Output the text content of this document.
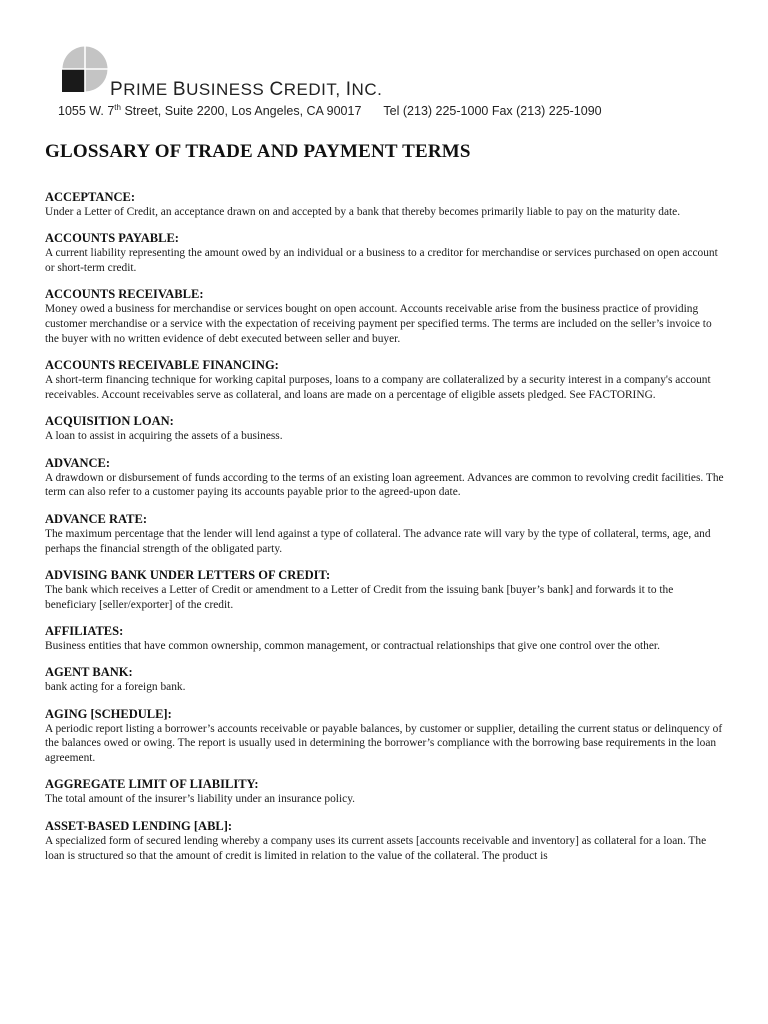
PRIME BUSINESS CREDIT, INC.
1055 W. 7th Street, Suite 2200, Los Angeles, CA 90017 Tel (213) 225-1000 Fax (213) 225-1090
GLOSSARY OF TRADE AND PAYMENT TERMS
ACCEPTANCE:
Under a Letter of Credit, an acceptance drawn on and accepted by a bank that thereby becomes primarily liable to pay on the maturity date.
ACCOUNTS PAYABLE:
A current liability representing the amount owed by an individual or a business to a creditor for merchandise or services purchased on open account or short-term credit.
ACCOUNTS RECEIVABLE:
Money owed a business for merchandise or services bought on open account. Accounts receivable arise from the business practice of providing customer merchandise or a service with the expectation of receiving payment per specified terms. The terms are included on the seller’s invoice to the buyer with no written evidence of debt executed between seller and buyer.
ACCOUNTS RECEIVABLE FINANCING:
A short-term financing technique for working capital purposes, loans to a company are collateralized by a security interest in a company's account receivables. Account receivables serve as collateral, and loans are made on a percentage of eligible assets pledged. See FACTORING.
ACQUISITION LOAN:
A loan to assist in acquiring the assets of a business.
ADVANCE:
A drawdown or disbursement of funds according to the terms of an existing loan agreement. Advances are common to revolving credit facilities. The term can also refer to a customer paying its accounts payable prior to the agreed-upon date.
ADVANCE RATE:
The maximum percentage that the lender will lend against a type of collateral. The advance rate will vary by the type of collateral, terms, age, and perhaps the financial strength of the obligated party.
ADVISING BANK UNDER LETTERS OF CREDIT:
The bank which receives a Letter of Credit or amendment to a Letter of Credit from the issuing bank [buyer’s bank] and forwards it to the beneficiary [seller/exporter] of the credit.
AFFILIATES:
Business entities that have common ownership, common management, or contractual relationships that give one control over the other.
AGENT BANK:
bank acting for a foreign bank.
AGING [SCHEDULE]:
A periodic report listing a borrower’s accounts receivable or payable balances, by customer or supplier, detailing the current status or delinquency of the balances owed or owing. The report is usually used in determining the borrower’s compliance with the borrowing base requirements in the loan agreement.
AGGREGATE LIMIT OF LIABILITY:
The total amount of the insurer’s liability under an insurance policy.
ASSET-BASED LENDING [ABL]:
A specialized form of secured lending whereby a company uses its current assets [accounts receivable and inventory] as collateral for a loan. The loan is structured so that the amount of credit is limited in relation to the value of the collateral. The product is
